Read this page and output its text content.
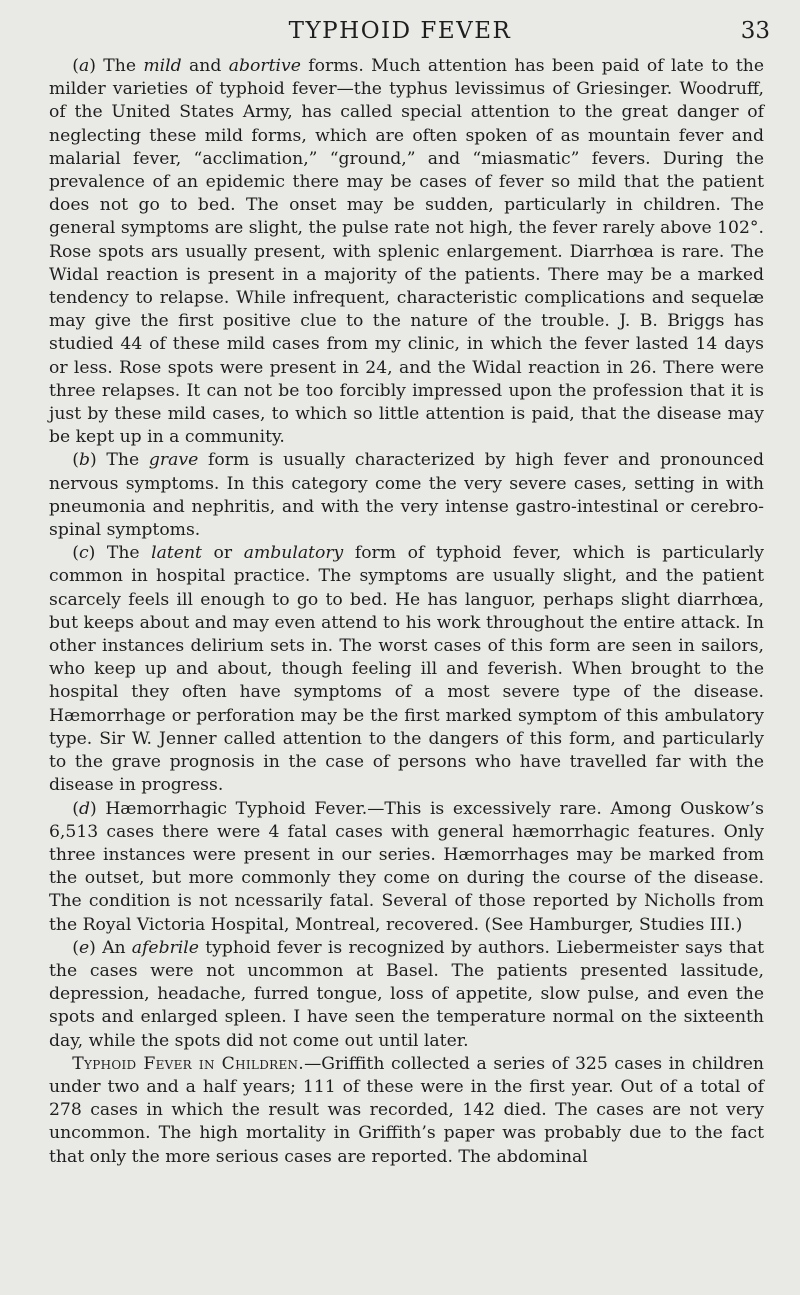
TYPHOID FEVER	33

(a) The mild and abortive forms. Much attention has been paid of late to the milder varieties of typhoid fever—the typhus levissimus of Griesinger. Woodruff, of the United States Army, has called special attention to the great danger of neglecting these mild forms, which are often spoken of as mountain fever and malarial fever, “acclimation,” “ground,” and “miasmatic” fevers. During the prevalence of an epidemic there may be cases of fever so mild that the patient does not go to bed. The onset may be sudden, particularly in children. The general symptoms are slight, the pulse rate not high, the fever rarely above 102°. Rose spots ars usually present, with splenic enlargement. Diarrhœa is rare. The Widal reaction is present in a majority of the patients. There may be a marked tendency to relapse. While infrequent, characteristic complications and sequelæ may give the first positive clue to the nature of the trouble. J. B. Briggs has studied 44 of these mild cases from my clinic, in which the fever lasted 14 days or less. Rose spots were present in 24, and the Widal reaction in 26. There were three relapses. It can not be too forcibly impressed upon the profession that it is just by these mild cases, to which so little attention is paid, that the disease may be kept up in a community.

(b) The grave form is usually characterized by high fever and pronounced nervous symptoms. In this category come the very severe cases, setting in with pneumonia and nephritis, and with the very intense gastro-intestinal or cerebro-spinal symptoms.

(c) The latent or ambulatory form of typhoid fever, which is particularly common in hospital practice. The symptoms are usually slight, and the patient scarcely feels ill enough to go to bed. He has languor, perhaps slight diarrhœa, but keeps about and may even attend to his work throughout the entire attack. In other instances delirium sets in. The worst cases of this form are seen in sailors, who keep up and about, though feeling ill and feverish. When brought to the hospital they often have symptoms of a most severe type of the disease. Hæmorrhage or perforation may be the first marked symptom of this ambulatory type. Sir W. Jenner called attention to the dangers of this form, and particularly to the grave prognosis in the case of persons who have travelled far with the disease in progress.

(d) Hæmorrhagic Typhoid Fever.—This is excessively rare. Among Ouskow’s 6,513 cases there were 4 fatal cases with general hæmorrhagic features. Only three instances were present in our series. Hæmorrhages may be marked from the outset, but more commonly they come on during the course of the disease. The condition is not ncessarily fatal. Several of those reported by Nicholls from the Royal Victoria Hospital, Montreal, recovered. (See Hamburger, Studies III.)

(e) An afebrile typhoid fever is recognized by authors. Liebermeister says that the cases were not uncommon at Basel. The patients presented lassitude, depression, headache, furred tongue, loss of appetite, slow pulse, and even the spots and enlarged spleen. I have seen the temperature normal on the sixteenth day, while the spots did not come out until later.

Typhoid Fever in Children.—Griffith collected a series of 325 cases in children under two and a half years; 111 of these were in the first year. Out of a total of 278 cases in which the result was recorded, 142 died. The cases are not very uncommon. The high mortality in Griffith’s paper was probably due to the fact that only the more serious cases are reported. The abdominal
